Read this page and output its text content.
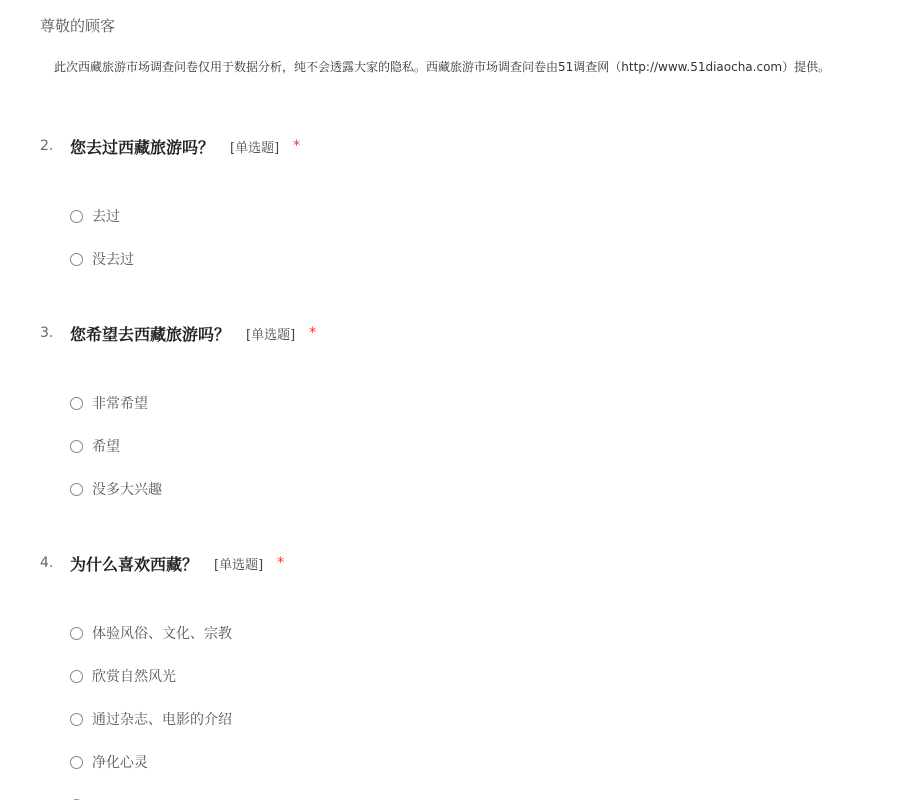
尊敬的顾客
此次西藏旅游市场调查问卷仅用于数据分析，纯不会透露大家的隐私。西藏旅游市场调查问卷由51调查网（http://www.51diaocha.com）提供。
2.	您去过西藏旅游吗？ [单选题] *
去过
没去过
3.	您希望去西藏旅游吗？ [单选题] *
非常希望
希望
没多大兴趣
4.	为什么喜欢西藏？ [单选题] *
体验风俗、文化、宗教
欣赏自然风光
通过杂志、电影的介绍
净化心灵
